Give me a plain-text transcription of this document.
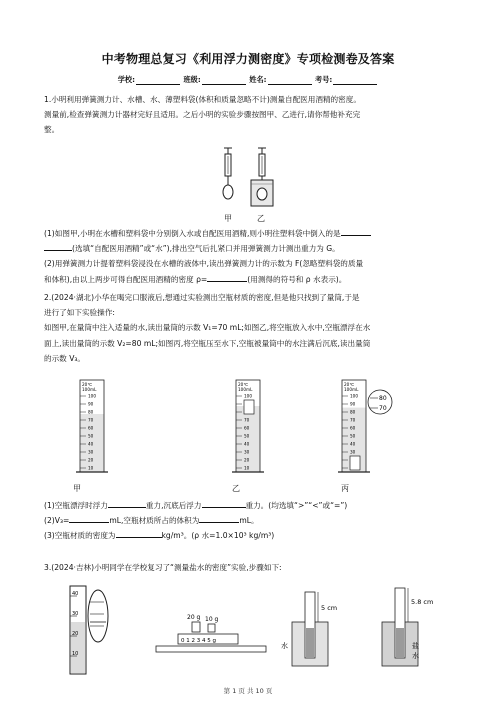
中考物理总复习《利用浮力测密度》专项检测卷及答案
学校:	班级:	姓名:	考号:
1.小明利用弹簧测力计、水槽、水、薄塑料袋(体积和质量忽略不计)测量自配医用酒精的密度。
测量前,检查弹簧测力计器材完好且适用。之后小明的实验步骤按图甲、乙进行,请你帮他补充完
整。
甲	乙
(1)如图甲,小明在水槽和塑料袋中分别倒入水或自配医用酒精,则小明往塑料袋中倒入的是
(选填“自配医用酒精”或“水”),排出空气后扎紧口并用弹簧测力计测出重力为 G。
(2)用弹簧测力计提着塑料袋浸没在水槽的液体中,读出弹簧测力计的示数为 F(忽略塑料袋的质量
和体积),由以上两步可得自配医用酒精的密度 ρ=	(用测得的符号和 ρ 水表示)。
2.(2024·湖北)小华在喝完口服液后,想通过实验测出空瓶材质的密度,但是他只找到了量筒,于是
进行了如下实验操作:
如图甲,在量筒中注入适量的水,读出量筒的示数 V₁=70 mL;如图乙,将空瓶放入水中,空瓶漂浮在水
面上,读出量筒的示数 V₂=80 mL;如图丙,将空瓶压至水下,空瓶被量筒中的水注满后沉底,读出量筒
的示数 V₃。
20℃
100mL
100
90
80
70
60
50
40
30
20
10
20℃
100mL
100
70
60
50
40
30
20
10
20℃
100mL
100
90
80
70
60
50
40
30
80
70
甲	乙	丙
(1)空瓶漂浮时浮力	重力,沉底后浮力	重力。(均选填“>”“<”或“=”)
(2)V₃=	mL,空瓶材质所占的体积为	mL。
(3)空瓶材质的密度为	kg/m³。(ρ 水=1.0×10³ kg/m³)
3.(2024·吉林)小明同学在学校复习了“测量盐水的密度”实验,步骤如下:
40
30
20
10
0 1 2 3 4 5 g
20 g 10 g
5 cm
水
5.8 cm
盐
水
第 1 页 共 10 页
